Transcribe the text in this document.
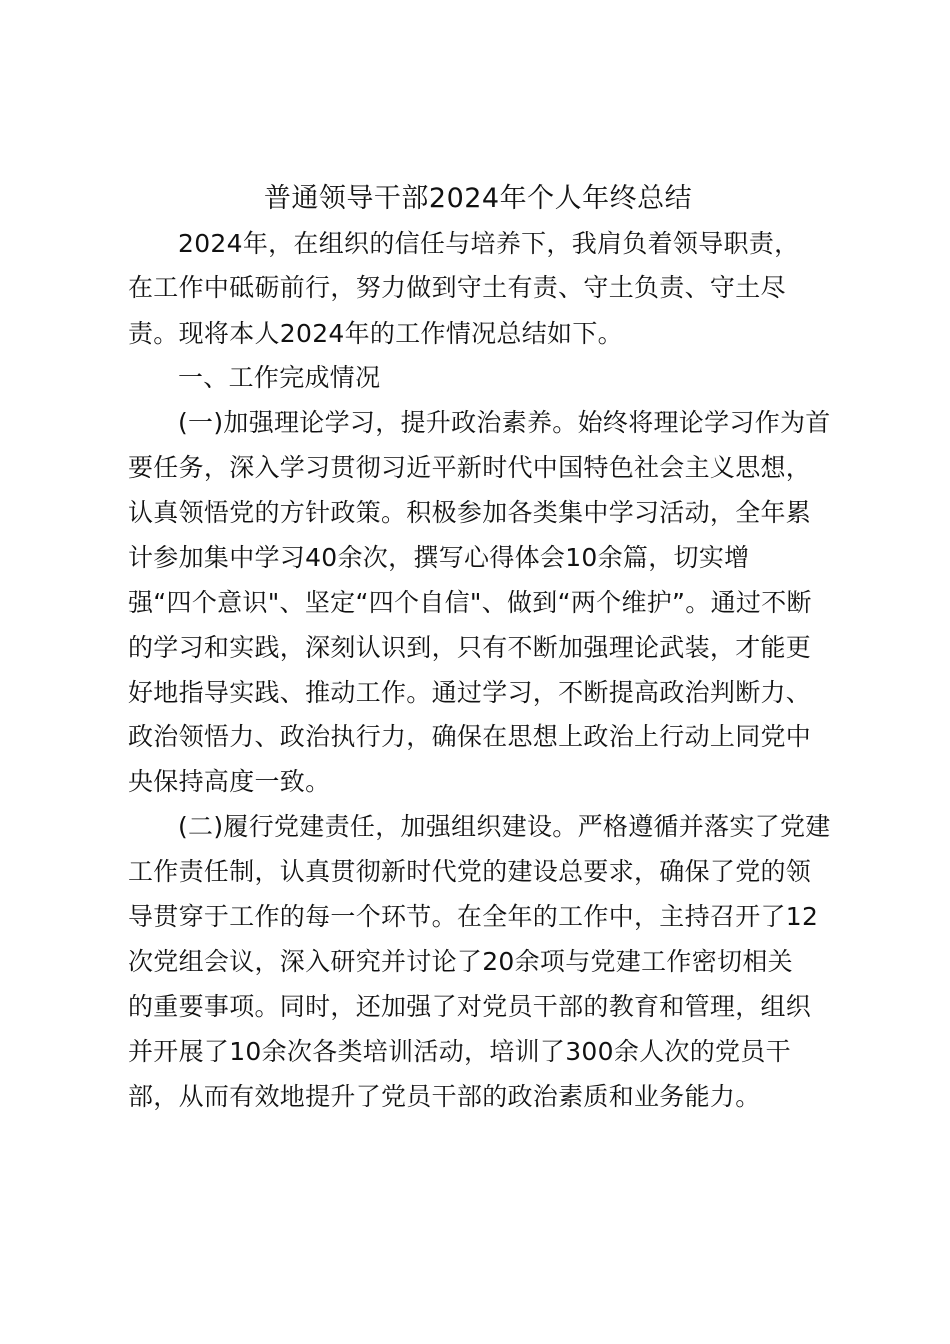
普通领导干部2024年个人年终总结
2024年，在组织的信任与培养下，我肩负着领导职责，
在工作中砥砺前行，努力做到守土有责、守土负责、守土尽
责。现将本人2024年的工作情况总结如下。
一、工作完成情况
(一)加强理论学习，提升政治素养。始终将理论学习作为首
要任务，深入学习贯彻习近平新时代中国特色社会主义思想，
认真领悟党的方针政策。积极参加各类集中学习活动，全年累
计参加集中学习40余次，撰写心得体会10余篇，切实增
强“四个意识"、坚定“四个自信"、做到“两个维护”。通过不断
的学习和实践，深刻认识到，只有不断加强理论武装，才能更
好地指导实践、推动工作。通过学习，不断提高政治判断力、
政治领悟力、政治执行力，确保在思想上政治上行动上同党中
央保持高度一致。
(二)履行党建责任，加强组织建设。严格遵循并落实了党建
工作责任制，认真贯彻新时代党的建设总要求，确保了党的领
导贯穿于工作的每一个环节。在全年的工作中，主持召开了12
次党组会议，深入研究并讨论了20余项与党建工作密切相关
的重要事项。同时，还加强了对党员干部的教育和管理，组织
并开展了10余次各类培训活动，培训了300余人次的党员干
部，从而有效地提升了党员干部的政治素质和业务能力。
